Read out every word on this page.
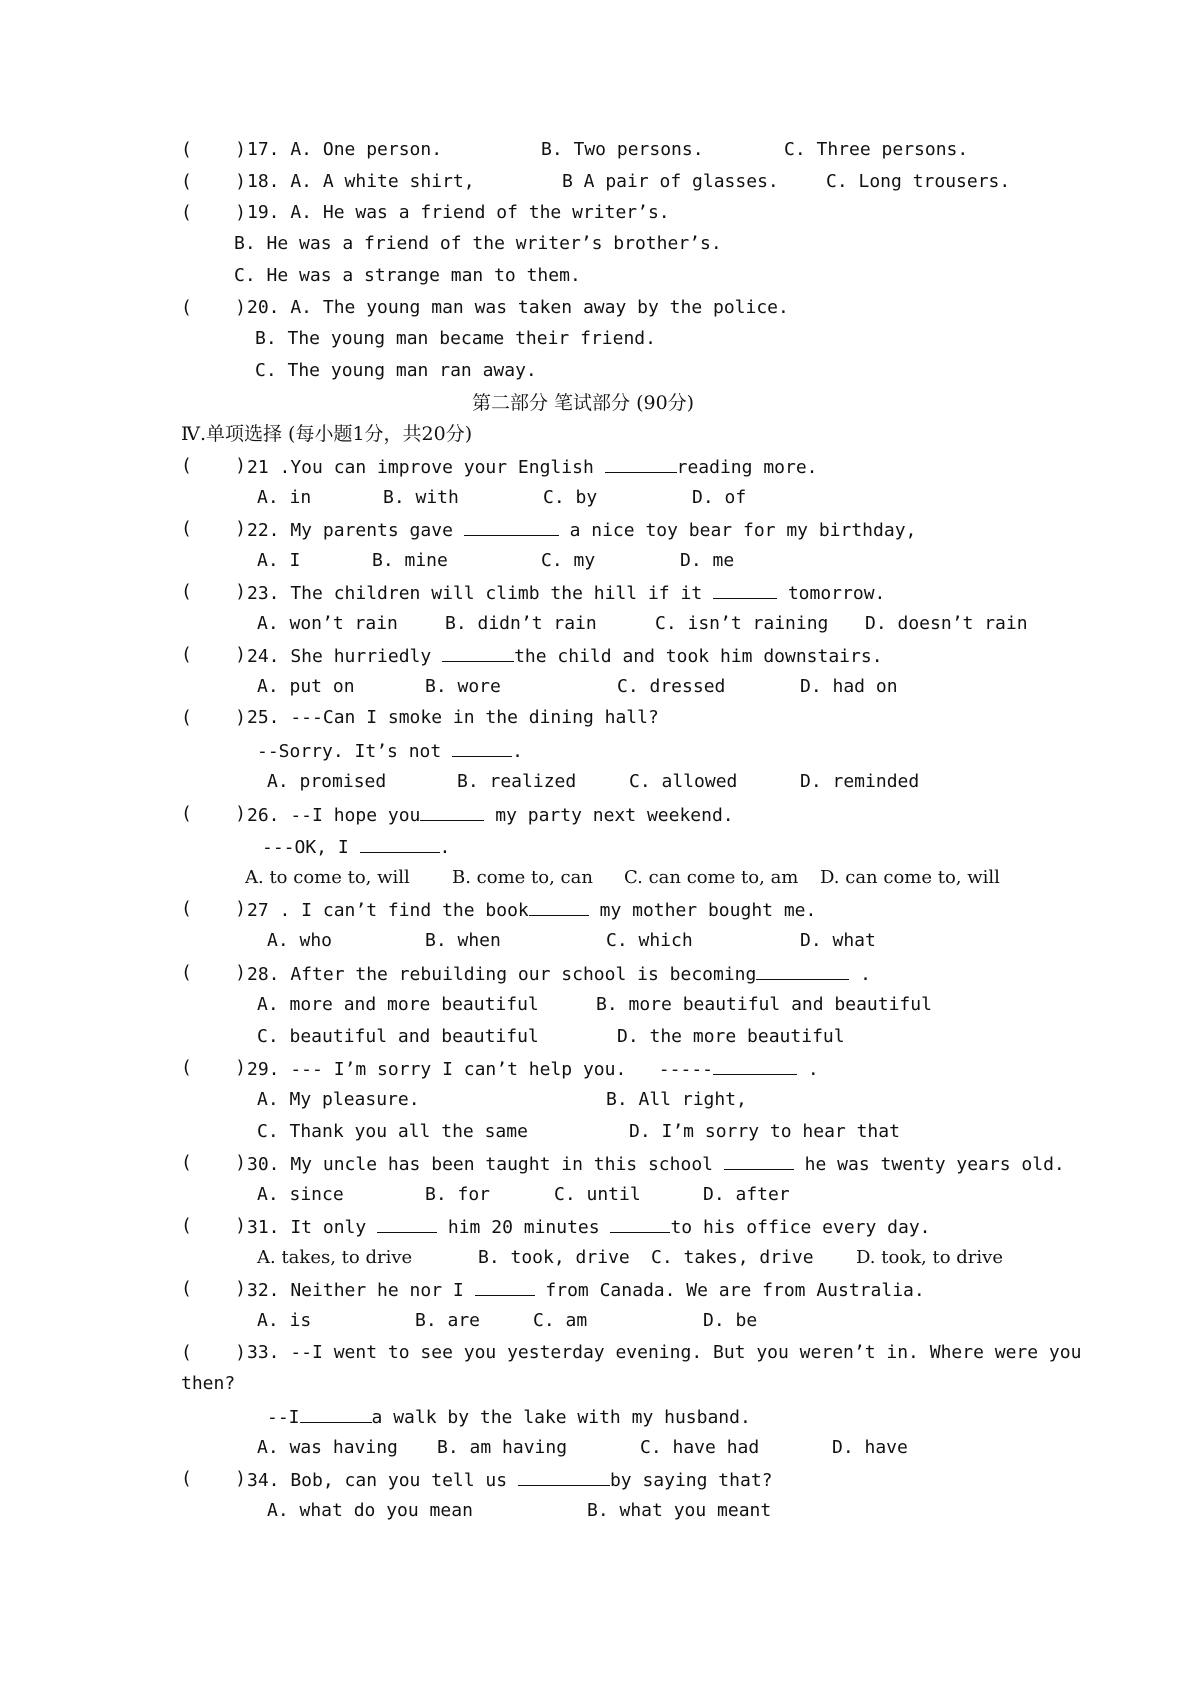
(    ) 17. A. One person.	B. Two persons.	C. Three persons.
(    ) 18. A. A white shirt,	B A pair of glasses.	C. Long trousers.
(    ) 19. A. He was a friend of the writer’s.
B. He was a friend of the writer’s brother’s.
C. He was a strange man to them.
(    ) 20. A. The young man was taken away by the police.
B. The young man became their friend.
C. The young man ran away.
第二部分 笔试部分 (90分)
Ⅳ.单项选择 (每小题1分，共20分)
(    ) 21 .You can improve your English	reading more.
A. in	B. with	C. by	D. of
(    ) 22. My parents gave	a nice toy bear for my birthday,
A. I	B. mine	C. my	D. me
(    ) 23. The children will climb the hill if it	tomorrow.
A. won’t rain	B. didn’t rain	C. isn’t raining D. doesn’t rain
(    ) 24. She hurriedly	the child and took him downstairs.
A. put on	B. wore	C. dressed	D. had on
(    ) 25. ---Can I smoke in the dining hall?
--Sorry. It’s not	.
A. promised	B. realized	C. allowed	D. reminded
(    ) 26. --I hope you	my party next weekend.
---OK, I	.
A. to come to, will B. come to, can C. can come to, am D. can come to, will
(    ) 27 . I can’t find the book	my mother bought me.
A. who	B. when	C. which	D. what
(    ) 28. After the rebuilding our school is becoming	.
A. more and more beautiful	B. more beautiful and beautiful
C. beautiful and beautiful	D. the more beautiful
(    ) 29. --- I’m sorry I can’t help you.   -----	.
A. My pleasure.	B. All right,
C. Thank you all the same	D. I’m sorry to hear that
(    ) 30. My uncle has been taught in this school	he was twenty years old.
A. since	B. for	C. until	D. after
(    ) 31. It only	him 20 minutes	to his office every day.
A. takes, to drive	B. took, drive C. takes, drive D. took, to drive
(    ) 32. Neither he nor I	from Canada. We are from Australia.
A. is	B. are	C. am	D. be
(    ) 33. --I went to see you yesterday evening. But you weren’t in. Where were you
then?
--I	a walk by the lake with my husband.
A. was having B. am having	C. have had	D. have
(    ) 34. Bob, can you tell us	by saying that?
A. what do you mean	B. what you meant
